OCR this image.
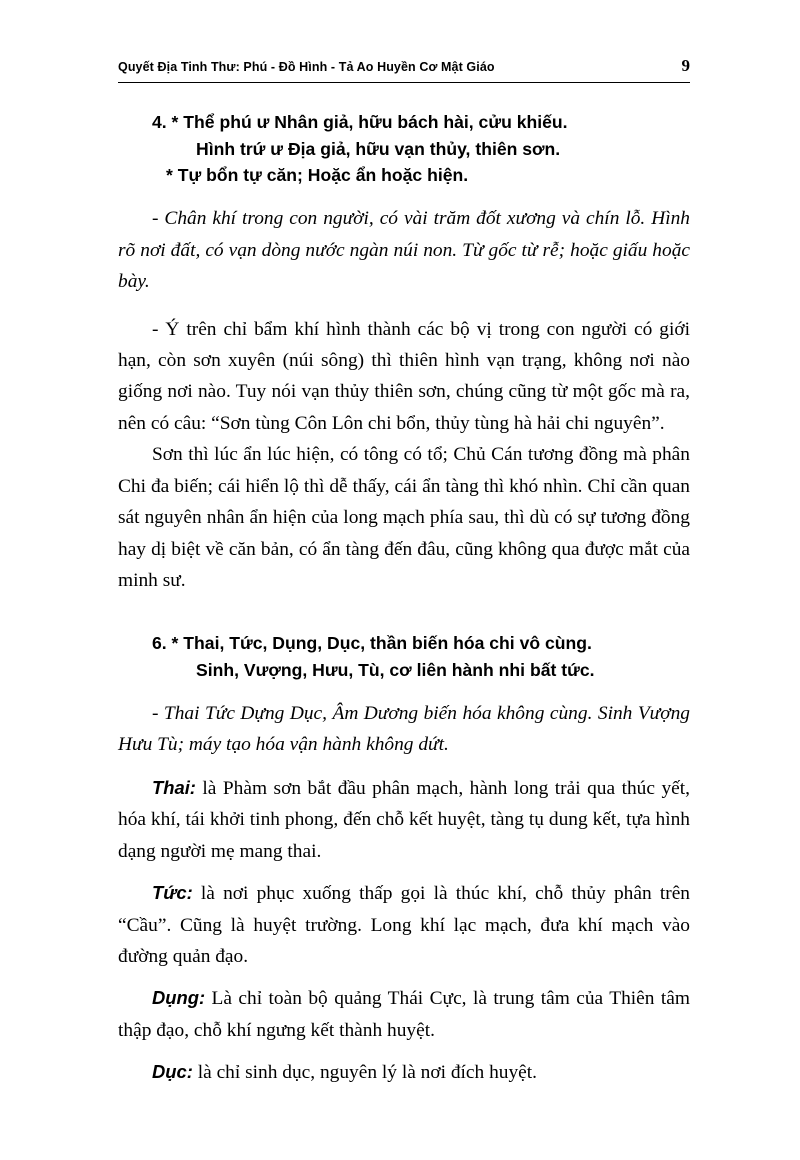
Quyết Địa Tinh Thư: Phú - Đồ Hình - Tả Ao Huyền Cơ Mật Giáo	9

4. * Thể phú ư Nhân giả, hữu bách hài, cửu khiếu.

Hình trứ ư Địa giả, hữu vạn thủy, thiên sơn.

* Tự bổn tự căn; Hoặc ẩn hoặc hiện.

- Chân khí trong con người, có vài trăm đốt xương và chín lỗ. Hình rõ nơi đất, có vạn dòng nước ngàn núi non. Từ gốc từ rễ; hoặc giấu hoặc bày.

- Ý trên chỉ bẩm khí hình thành các bộ vị trong con người có giới hạn, còn sơn xuyên (núi sông) thì thiên hình vạn trạng, không nơi nào giống nơi nào. Tuy nói vạn thủy thiên sơn, chúng cũng từ một gốc mà ra, nên có câu: “Sơn tùng Côn Lôn chi bổn, thủy tùng hà hải chi nguyên”.

Sơn thì lúc ẩn lúc hiện, có tông có tổ; Chủ Cán tương đồng mà phân Chi đa biến; cái hiển lộ thì dễ thấy, cái ẩn tàng thì khó nhìn. Chỉ cần quan sát nguyên nhân ẩn hiện của long mạch phía sau, thì dù có sự tương đồng hay dị biệt về căn bản, có ẩn tàng đến đâu, cũng không qua được mắt của minh sư.

6. * Thai, Tức, Dụng, Dục, thần biến hóa chi vô cùng.

Sinh, Vượng, Hưu, Tù, cơ liên hành nhi bất tức.

- Thai Tức Dựng Dục, Âm Dương biến hóa không cùng. Sinh Vượng Hưu Tù; máy tạo hóa vận hành không dứt.

Thai: là Phàm sơn bắt đầu phân mạch, hành long trải qua thúc yết, hóa khí, tái khởi tinh phong, đến chỗ kết huyệt, tàng tụ dung kết, tựa hình dạng người mẹ mang thai.

Tức: là nơi phục xuống thấp gọi là thúc khí, chỗ thủy phân trên “Cầu”. Cũng là huyệt trường. Long khí lạc mạch, đưa khí mạch vào đường quản đạo.

Dụng: Là chỉ toàn bộ quảng Thái Cực, là trung tâm của Thiên tâm thập đạo, chỗ khí ngưng kết thành huyệt.

Dục: là chỉ sinh dục, nguyên lý là nơi đích huyệt.
